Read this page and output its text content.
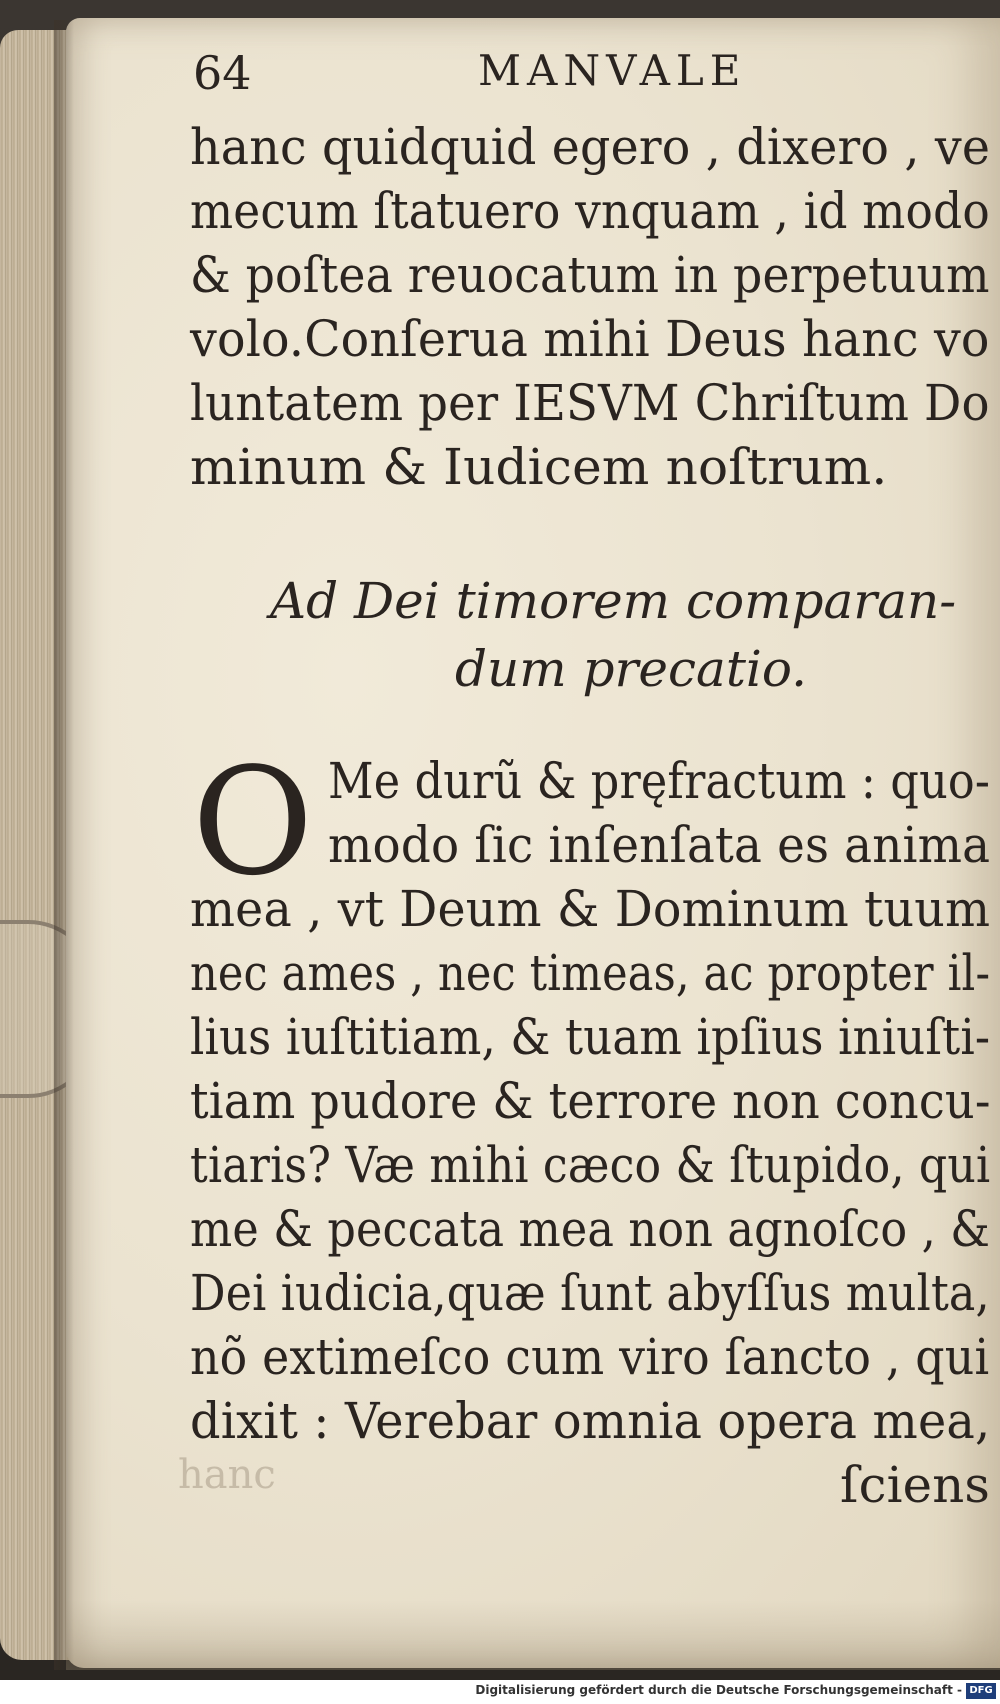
64	MANVALE
hanc quidquid egero , dixero , ve
mecum ſtatuero vnquam , id modo
& poſtea reuocatum in perpetuum
volo.Conſerua mihi Deus hanc vo
luntatem per IESVM Chriſtum Do
minum & Iudicem noſtrum.
Ad Dei timorem comparan-
dum precatio.
O Me durũ & pręfractum : quo-
modo ſic inſenſata es anima
mea , vt Deum & Dominum tuum
nec ames , nec timeas, ac propter il-
lius iuſtitiam, & tuam ipſius iniuſti-
tiam pudore & terrore non concu-
tiaris? Væ mihi cæco & ſtupido, qui
me & peccata mea non agnoſco , &
Dei iudicia,quæ ſunt abyſſus multa,
nõ extimeſco cum viro ſancto , qui
dixit : Verebar omnia opera mea,
hanc	ſciens
Digitalisierung gefördert durch die Deutsche Forschungsgemeinschaft - DFG
